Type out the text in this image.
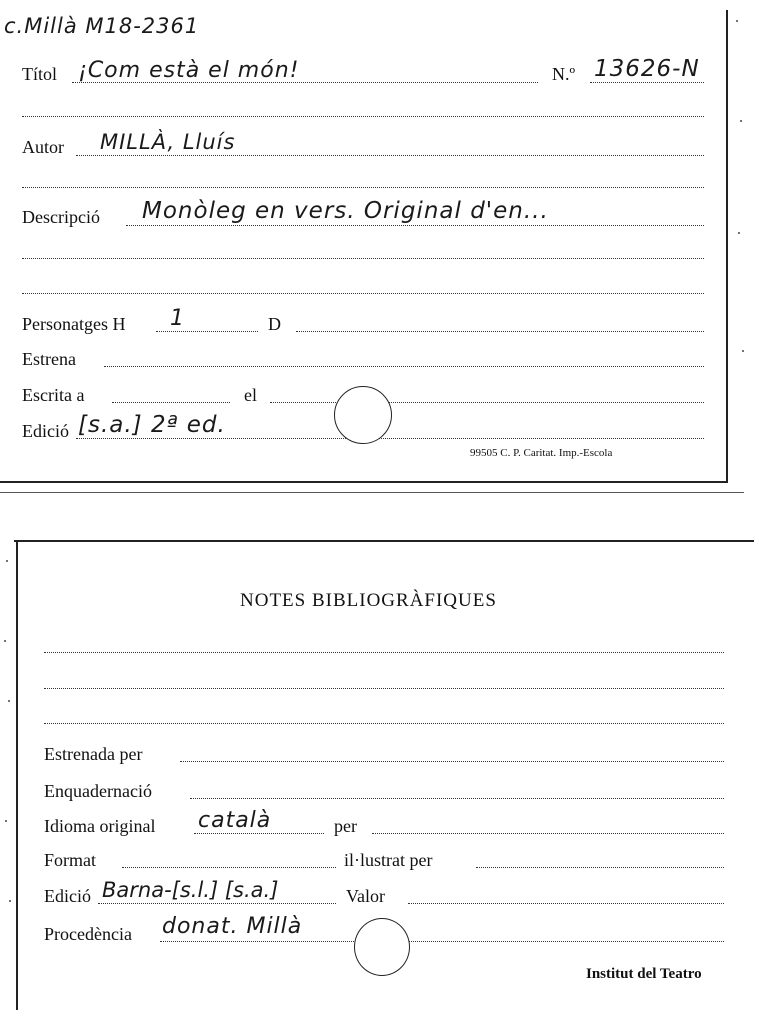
c.Millà M18-2361
Títol ¡Com està el món!	N.º 13626-N
Autor MILLÀ, Lluís
Descripció Monòleg en vers. Original d'en...
Personatges H 1	D
Estrena
Escrita a	el
Edició [s.a.] 2ª ed.
99505 C. P. Caritat. Imp.-Escola
NOTES BIBLIOGRÀFIQUES
Estrenada per
Enquadernació
Idioma original català	per
Format	il·lustrat per
Edició Barna-[s.l.] [s.a.]	Valor
Procedència donat. Millà
Institut del Teatro
